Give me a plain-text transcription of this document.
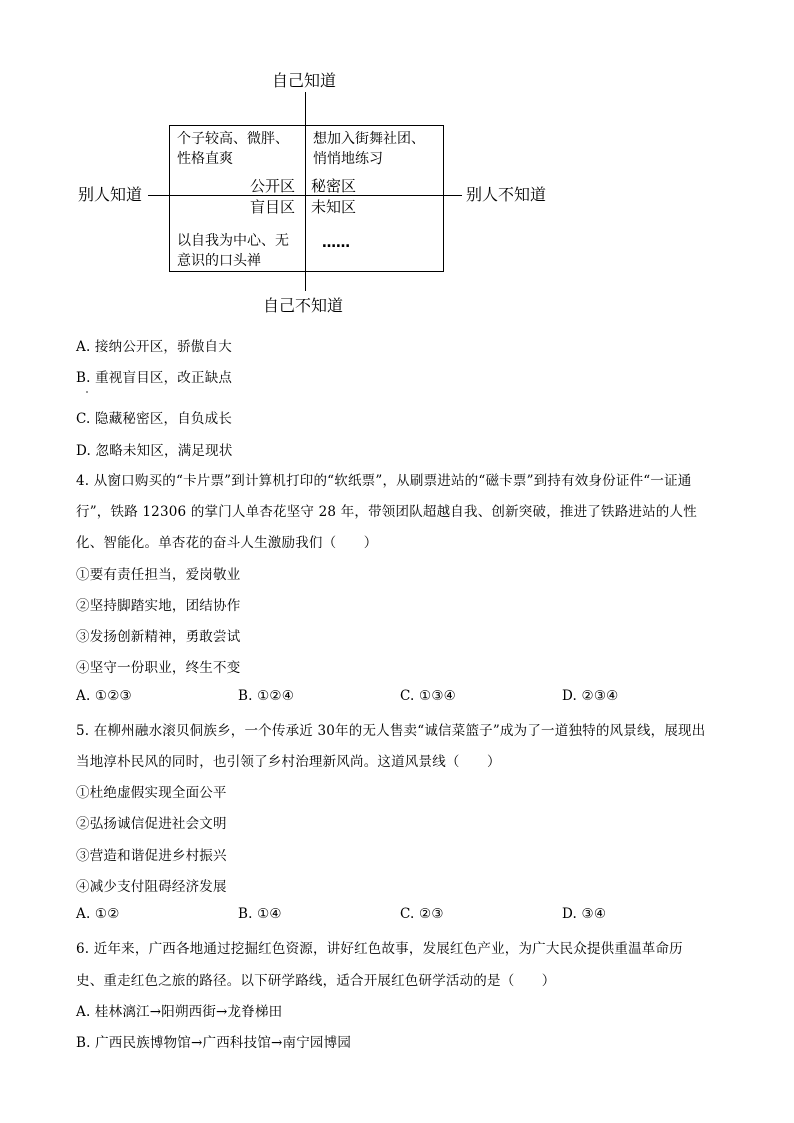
自己知道
自己不知道
别人知道	别人不知道
个子较高、微胖、
性格直爽
想加入街舞社团、
悄悄地练习
以自我为中心、无
意识的口头禅
……
公开区 秘密区
盲目区 未知区
A. 接纳公开区，骄傲自大
B. 重视盲目区，改正缺点
C. 隐藏秘密区，自负成长
D. 忽略未知区，满足现状
4. 从窗口购买的“卡片票”到计算机打印的“软纸票”，从刷票进站的“磁卡票”到持有效身份证件“一证通
行”，铁路 12306 的掌门人单杏花坚守 28 年，带领团队超越自我、创新突破，推进了铁路进站的人性
化、智能化。单杏花的奋斗人生激励我们（　　）
①要有责任担当，爱岗敬业
②坚持脚踏实地，团结协作
③发扬创新精神，勇敢尝试
④坚守一份职业，终生不变
A. ①②③	B. ①②④	C. ①③④	D. ②③④
5. 在柳州融水滚贝侗族乡，一个传承近 30年的无人售卖“诚信菜篮子”成为了一道独特的风景线，展现出
当地淳朴民风的同时，也引领了乡村治理新风尚。这道风景线（　　）
①杜绝虚假实现全面公平
②弘扬诚信促进社会文明
③营造和谐促进乡村振兴
④减少支付阻碍经济发展
A. ①②	B. ①④	C. ②③	D. ③④
6. 近年来，广西各地通过挖掘红色资源，讲好红色故事，发展红色产业，为广大民众提供重温革命历
史、重走红色之旅的路径。以下研学路线，适合开展红色研学活动的是（　　）
A. 桂林漓江→阳朔西街→龙脊梯田
B. 广西民族博物馆→广西科技馆→南宁园博园
